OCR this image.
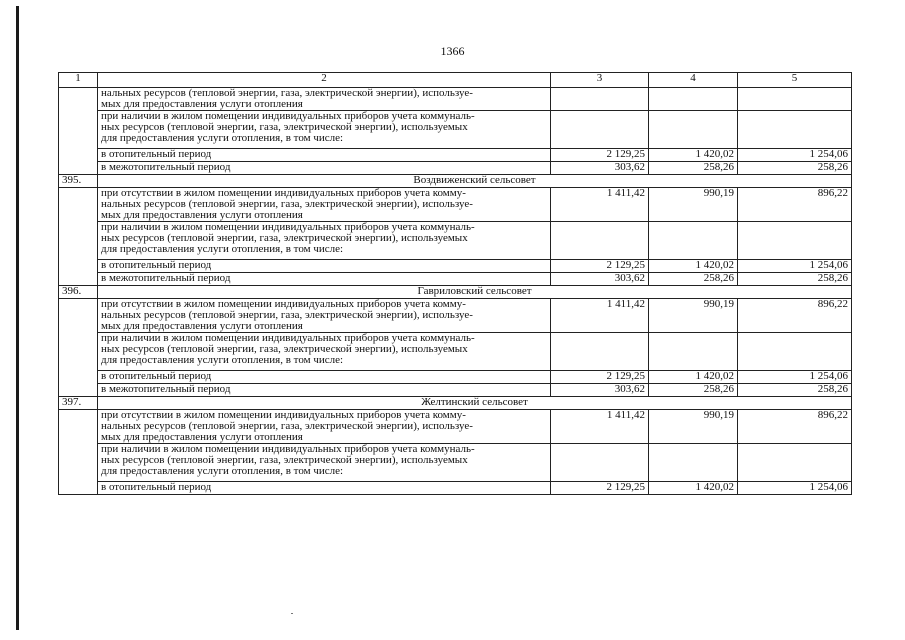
1366
1	2	3	4	5

	нальных ресурсов (тепловой энергии, газа, электрической энергии), используе-
мых для предоставления услуги отопления			

	при наличии в жилом помещении индивидуальных приборов учета коммуналь-
ных ресурсов (тепловой энергии, газа, электрической энергии), используемых
для предоставления услуги отопления, в том числе:			

	в отопительный период	2 129,25	1 420,02	1 254,06
	в межотопительный период	303,62	258,26	258,26
395.	Воздвиженский сельсовет			

	при отсутствии в жилом помещении индивидуальных приборов учета комму-
нальных ресурсов (тепловой энергии, газа, электрической энергии), используе-
мых для предоставления услуги отопления	1 411,42	990,19	896,22

	при наличии в жилом помещении индивидуальных приборов учета коммуналь-
ных ресурсов (тепловой энергии, газа, электрической энергии), используемых
для предоставления услуги отопления, в том числе:			

	в отопительный период	2 129,25	1 420,02	1 254,06
	в межотопительный период	303,62	258,26	258,26
396.	Гавриловский сельсовет			

	при отсутствии в жилом помещении индивидуальных приборов учета комму-
нальных ресурсов (тепловой энергии, газа, электрической энергии), используе-
мых для предоставления услуги отопления	1 411,42	990,19	896,22

	при наличии в жилом помещении индивидуальных приборов учета коммуналь-
ных ресурсов (тепловой энергии, газа, электрической энергии), используемых
для предоставления услуги отопления, в том числе:			

	в отопительный период	2 129,25	1 420,02	1 254,06
	в межотопительный период	303,62	258,26	258,26
397.	Желтинский сельсовет			

	при отсутствии в жилом помещении индивидуальных приборов учета комму-
нальных ресурсов (тепловой энергии, газа, электрической энергии), используе-
мых для предоставления услуги отопления	1 411,42	990,19	896,22

	при наличии в жилом помещении индивидуальных приборов учета коммуналь-
ных ресурсов (тепловой энергии, газа, электрической энергии), используемых
для предоставления услуги отопления, в том числе:			

	в отопительный период	2 129,25	1 420,02	1 254,06
